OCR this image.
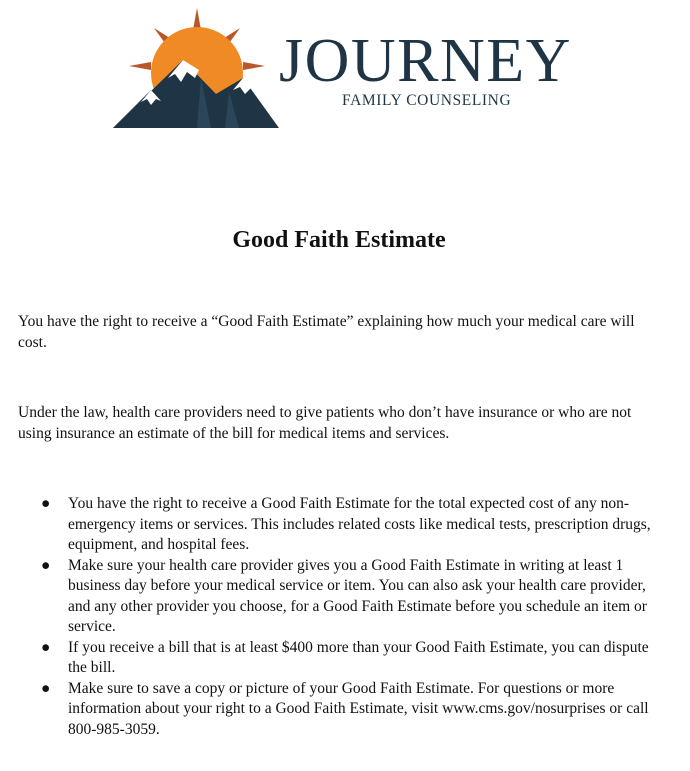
JOURNEY
FAMILY COUNSELING
Good Faith Estimate
You have the right to receive a “Good Faith Estimate” explaining how much your medical care will cost.
Under the law, health care providers need to give patients who don’t have insurance or who are not using insurance an estimate of the bill for medical items and services.
● You have the right to receive a Good Faith Estimate for the total expected cost of any non-emergency items or services. This includes related costs like medical tests, prescription drugs, equipment, and hospital fees.
● Make sure your health care provider gives you a Good Faith Estimate in writing at least 1 business day before your medical service or item. You can also ask your health care provider, and any other provider you choose, for a Good Faith Estimate before you schedule an item or service.
● If you receive a bill that is at least $400 more than your Good Faith Estimate, you can dispute the bill.
● Make sure to save a copy or picture of your Good Faith Estimate. For questions or more information about your right to a Good Faith Estimate, visit www.cms.gov/nosurprises or call 800-985-3059.
